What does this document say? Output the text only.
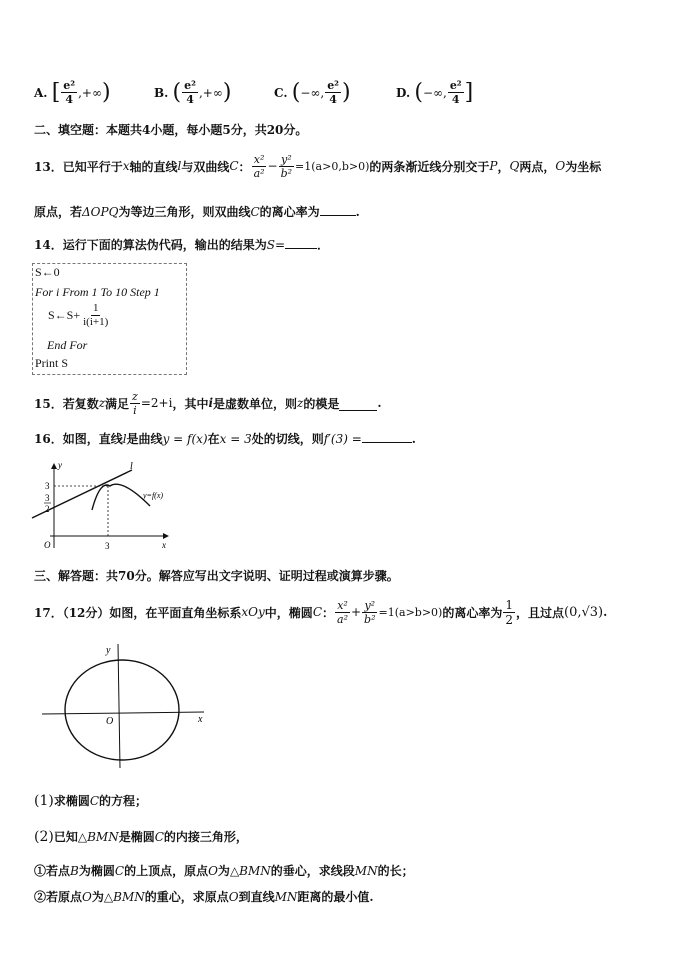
A.
[ $\frac{\text{e²}}{4}$ ,+∞ )	B.
( $\frac{\text{e²}}{4}$ ,+∞ )	C.
( −∞, $\frac{\text{e²}}{4}$ )	D.
( −∞, $\frac{\text{e²}}{4}$ ]
二、填空题：本题共4小题，每小题5分，共20分。
13．已知平行于 x 轴的直线 l 与双曲线 C ： $\frac{\text{x²}}{\text{a²}} - \frac{\text{y²}}{\text{b²}} =1(a>0,b>0)$ 的两条渐近线分别交于 P ， Q 两点， O 为坐标
原点，若ΔOPQ为等边三角形，则双曲线C的离心率为	.
14．运行下面的算法伪代码，输出的结果为S=	．
S←0
For i From 1 To 10 Step 1
S←S+ $\frac{1}{i(i+1)}$
End For
Print S
15．若复数 z 满足 $\frac{z}{i} =2+i$ ，其中 i 是虚数单位，则 z 的模是	.
16．如图，直线l是曲线y = f(x)在x = 3处的切线，则f′(3) =	.
y
x
O
l
y=f(x)
3
3
2
3
三、解答题：共70分。解答应写出文字说明、证明过程或演算步骤。
17．（12分）如图，在平面直角坐标系 xOy 中，椭圆 C ： $\frac{\text{x²}}{\text{a²}} + \frac{\text{y²}}{\text{b²}} =1(a>b>0)$ 的离心率为 $\frac{1}{2}$ ，且过点 (0,√3) .
y
x
O
(1)求椭圆C的方程；
(2)已知△BMN是椭圆C的内接三角形，
①若点B为椭圆C的上顶点，原点O为△BMN的垂心，求线段MN的长；
②若原点O为△BMN的重心，求原点O到直线MN距离的最小值.
